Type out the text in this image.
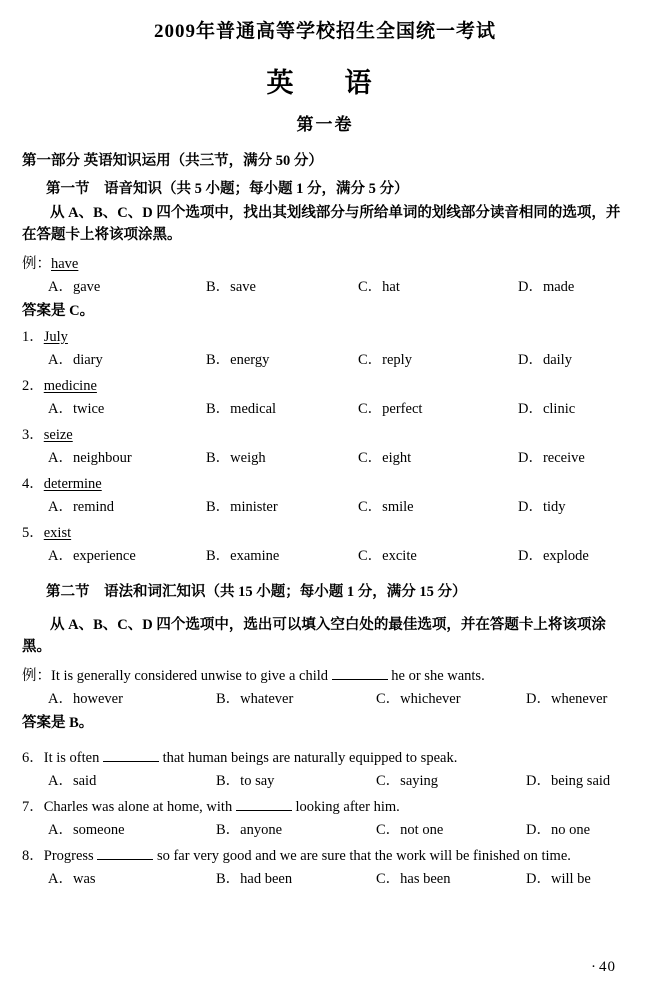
2009年普通高等学校招生全国统一考试
英　语
第一卷
第一部分 英语知识运用（共三节，满分 50 分）
第一节　语音知识（共 5 小题；每小题 1 分，满分 5 分）
从 A、B、C、D 四个选项中，找出其划线部分与所给单词的划线部分读音相同的选项，并在答题卡上将该项涂黑。
例：have
A．gave	B．save	C．hat	D．made
答案是 C。
1．July
A．diary	B．energy	C．reply	D．daily
2．medicine
A．twice	B．medical	C．perfect	D．clinic
3．seize
A．neighbour	B．weigh	C．eight	D．receive
4．determine
A．remind	B．minister	C．smile	D．tidy
5．exist
A．experience	B．examine	C．excite	D．explode
第二节　语法和词汇知识（共 15 小题；每小题 1 分，满分 15 分）
从 A、B、C、D 四个选项中，选出可以填入空白处的最佳选项，并在答题卡上将该项涂黑。
例：It is generally considered unwise to give a child	he or she wants.
A．however	B．whatever	C．whichever	D．whenever
答案是 B。
6．It is often	that human beings are naturally equipped to speak.
A．said	B．to say	C．saying	D．being said
7．Charles was alone at home, with	looking after him.
A．someone	B．anyone	C．not one	D．no one
8．Progress	so far very good and we are sure that the work will be finished on time.
A．was	B．had been	C．has been	D．will be
·40
